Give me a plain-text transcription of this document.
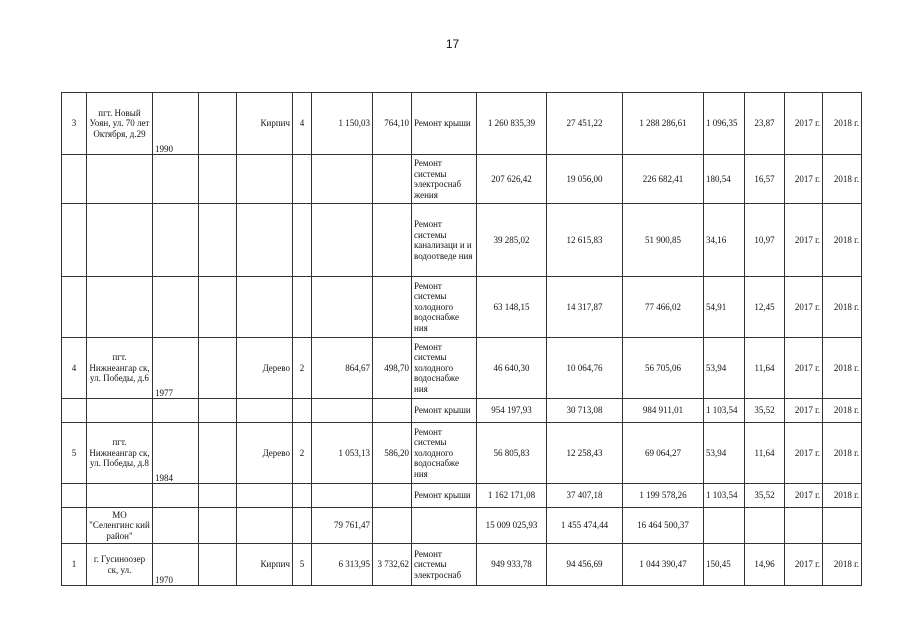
17
3	пгт. Новый Уоян, ул. 70 лет Октября, д.29	1990		Кирпич	4	1 150,03	764,10	Ремонт крыши	1 260 835,39	27 451,22	1 288 286,61	1 096,35	23,87	2017 г.	2018 г.
								Ремонт системы электроснаб жения	207 626,42	19 056,00	226 682,41	180,54	16,57	2017 г.	2018 г.
								Ремонт системы канализаци и и водоотведе ния	39 285,02	12 615,83	51 900,85	34,16	10,97	2017 г.	2018 г.
								Ремонт системы холодного водоснабже ния	63 148,15	14 317,87	77 466,02	54,91	12,45	2017 г.	2018 г.
4	пгт. Нижнеангар ск, ул. Победы, д.6	1977		Дерево	2	864,67	498,70	Ремонт системы холодного водоснабже ния	46 640,30	10 064,76	56 705,06	53,94	11,64	2017 г.	2018 г.
								Ремонт крыши	954 197,93	30 713,08	984 911,01	1 103,54	35,52	2017 г.	2018 г.
5	пгт. Нижнеангар ск, ул. Победы, д.8	1984		Дерево	2	1 053,13	586,20	Ремонт системы холодного водоснабже ния	56 805,83	12 258,43	69 064,27	53,94	11,64	2017 г.	2018 г.
								Ремонт крыши	1 162 171,08	37 407,18	1 199 578,26	1 103,54	35,52	2017 г.	2018 г.
	МО "Селенгинс кий район"					79 761,47			15 009 025,93	1 455 474,44	16 464 500,37				
1	г. Гусиноозер ск, ул.	1970		Кирпич	5	6 313,95	3 732,62	Ремонт системы электроснаб	949 933,78	94 456,69	1 044 390,47	150,45	14,96	2017 г.	2018 г.
